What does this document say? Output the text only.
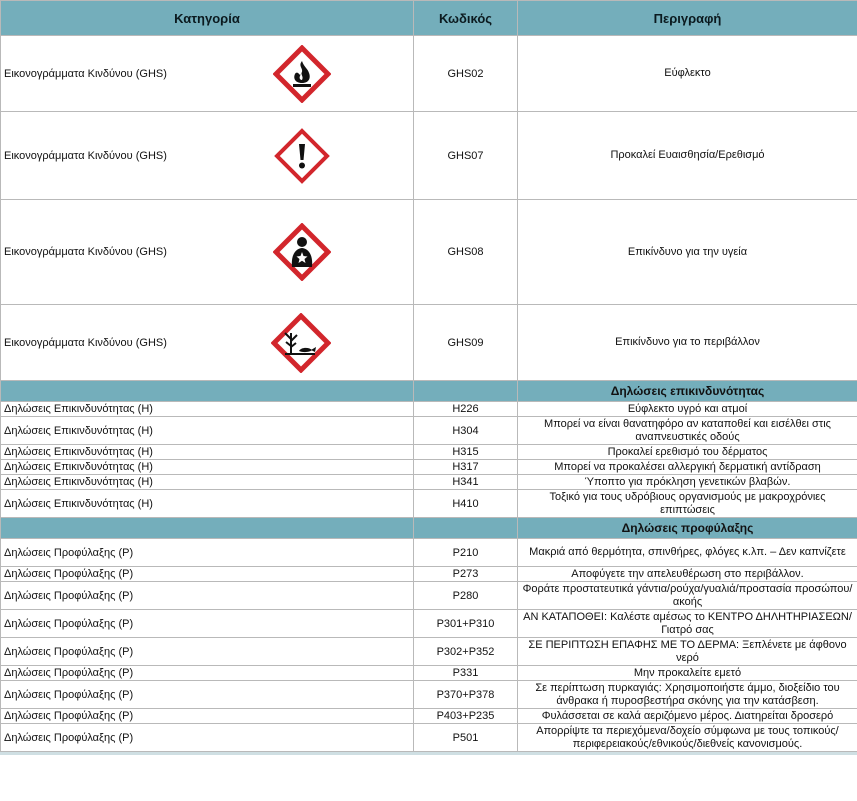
Κατηγορία	Κωδικός	Περιγραφή

Εικονογράμματα Κινδύνου (GHS)	GHS02	Εύφλεκτο

Εικονογράμματα Κινδύνου (GHS)	GHS07	Προκαλεί Ευαισθησία/Ερεθισμό

Εικονογράμματα Κινδύνου (GHS)	GHS08	Επικίνδυνο για την υγεία

Εικονογράμματα Κινδύνου (GHS)	GHS09	Επικίνδυνο για το περιβάλλον
		Δηλώσεις επικινδυνότητας
Δηλώσεις Επικινδυνότητας (H)	H226	Εύφλεκτο υγρό και ατμοί
Δηλώσεις Επικινδυνότητας (H)	H304	Μπορεί να είναι θανατηφόρο αν καταποθεί και εισέλθει στις αναπνευστικές οδούς
Δηλώσεις Επικινδυνότητας (H)	H315	Προκαλεί ερεθισμό του δέρματος
Δηλώσεις Επικινδυνότητας (H)	H317	Μπορεί να προκαλέσει αλλεργική δερματική αντίδραση
Δηλώσεις Επικινδυνότητας (H)	H341	Ύποπτο για πρόκληση γενετικών βλαβών.
Δηλώσεις Επικινδυνότητας (H)	H410	Τοξικό για τους υδρόβιους οργανισμούς με μακροχρόνιες επιπτώσεις
		Δηλώσεις προφύλαξης
Δηλώσεις Προφύλαξης (P)	P210	Μακριά από θερμότητα, σπινθήρες, φλόγες κ.λπ. – Δεν καπνίζετε
Δηλώσεις Προφύλαξης (P)	P273	Αποφύγετε την απελευθέρωση στο περιβάλλον.
Δηλώσεις Προφύλαξης (P)	P280	Φοράτε προστατευτικά γάντια/ρούχα/γυαλιά/προστασία προσώπου/ακοής
Δηλώσεις Προφύλαξης (P)	P301+P310	ΑΝ ΚΑΤΑΠΟΘΕΙ: Καλέστε αμέσως το ΚΕΝΤΡΟ ΔΗΛΗΤΗΡΙΑΣΕΩΝ/Γιατρό σας
Δηλώσεις Προφύλαξης (P)	P302+P352	ΣΕ ΠΕΡΙΠΤΩΣΗ ΕΠΑΦΗΣ ΜΕ ΤΟ ΔΕΡΜΑ: Ξεπλένετε με άφθονο νερό
Δηλώσεις Προφύλαξης (P)	P331	Μην προκαλείτε εμετό
Δηλώσεις Προφύλαξης (P)	P370+P378	Σε περίπτωση πυρκαγιάς: Χρησιμοποιήστε άμμο, διοξείδιο του άνθρακα ή πυροσβεστήρα σκόνης για την κατάσβεση.
Δηλώσεις Προφύλαξης (P)	P403+P235	Φυλάσσεται σε καλά αεριζόμενο μέρος. Διατηρείται δροσερό
Δηλώσεις Προφύλαξης (P)	P501	Απορρίψτε τα περιεχόμενα/δοχείο σύμφωνα με τους τοπικούς/περιφερειακούς/εθνικούς/διεθνείς κανονισμούς.
